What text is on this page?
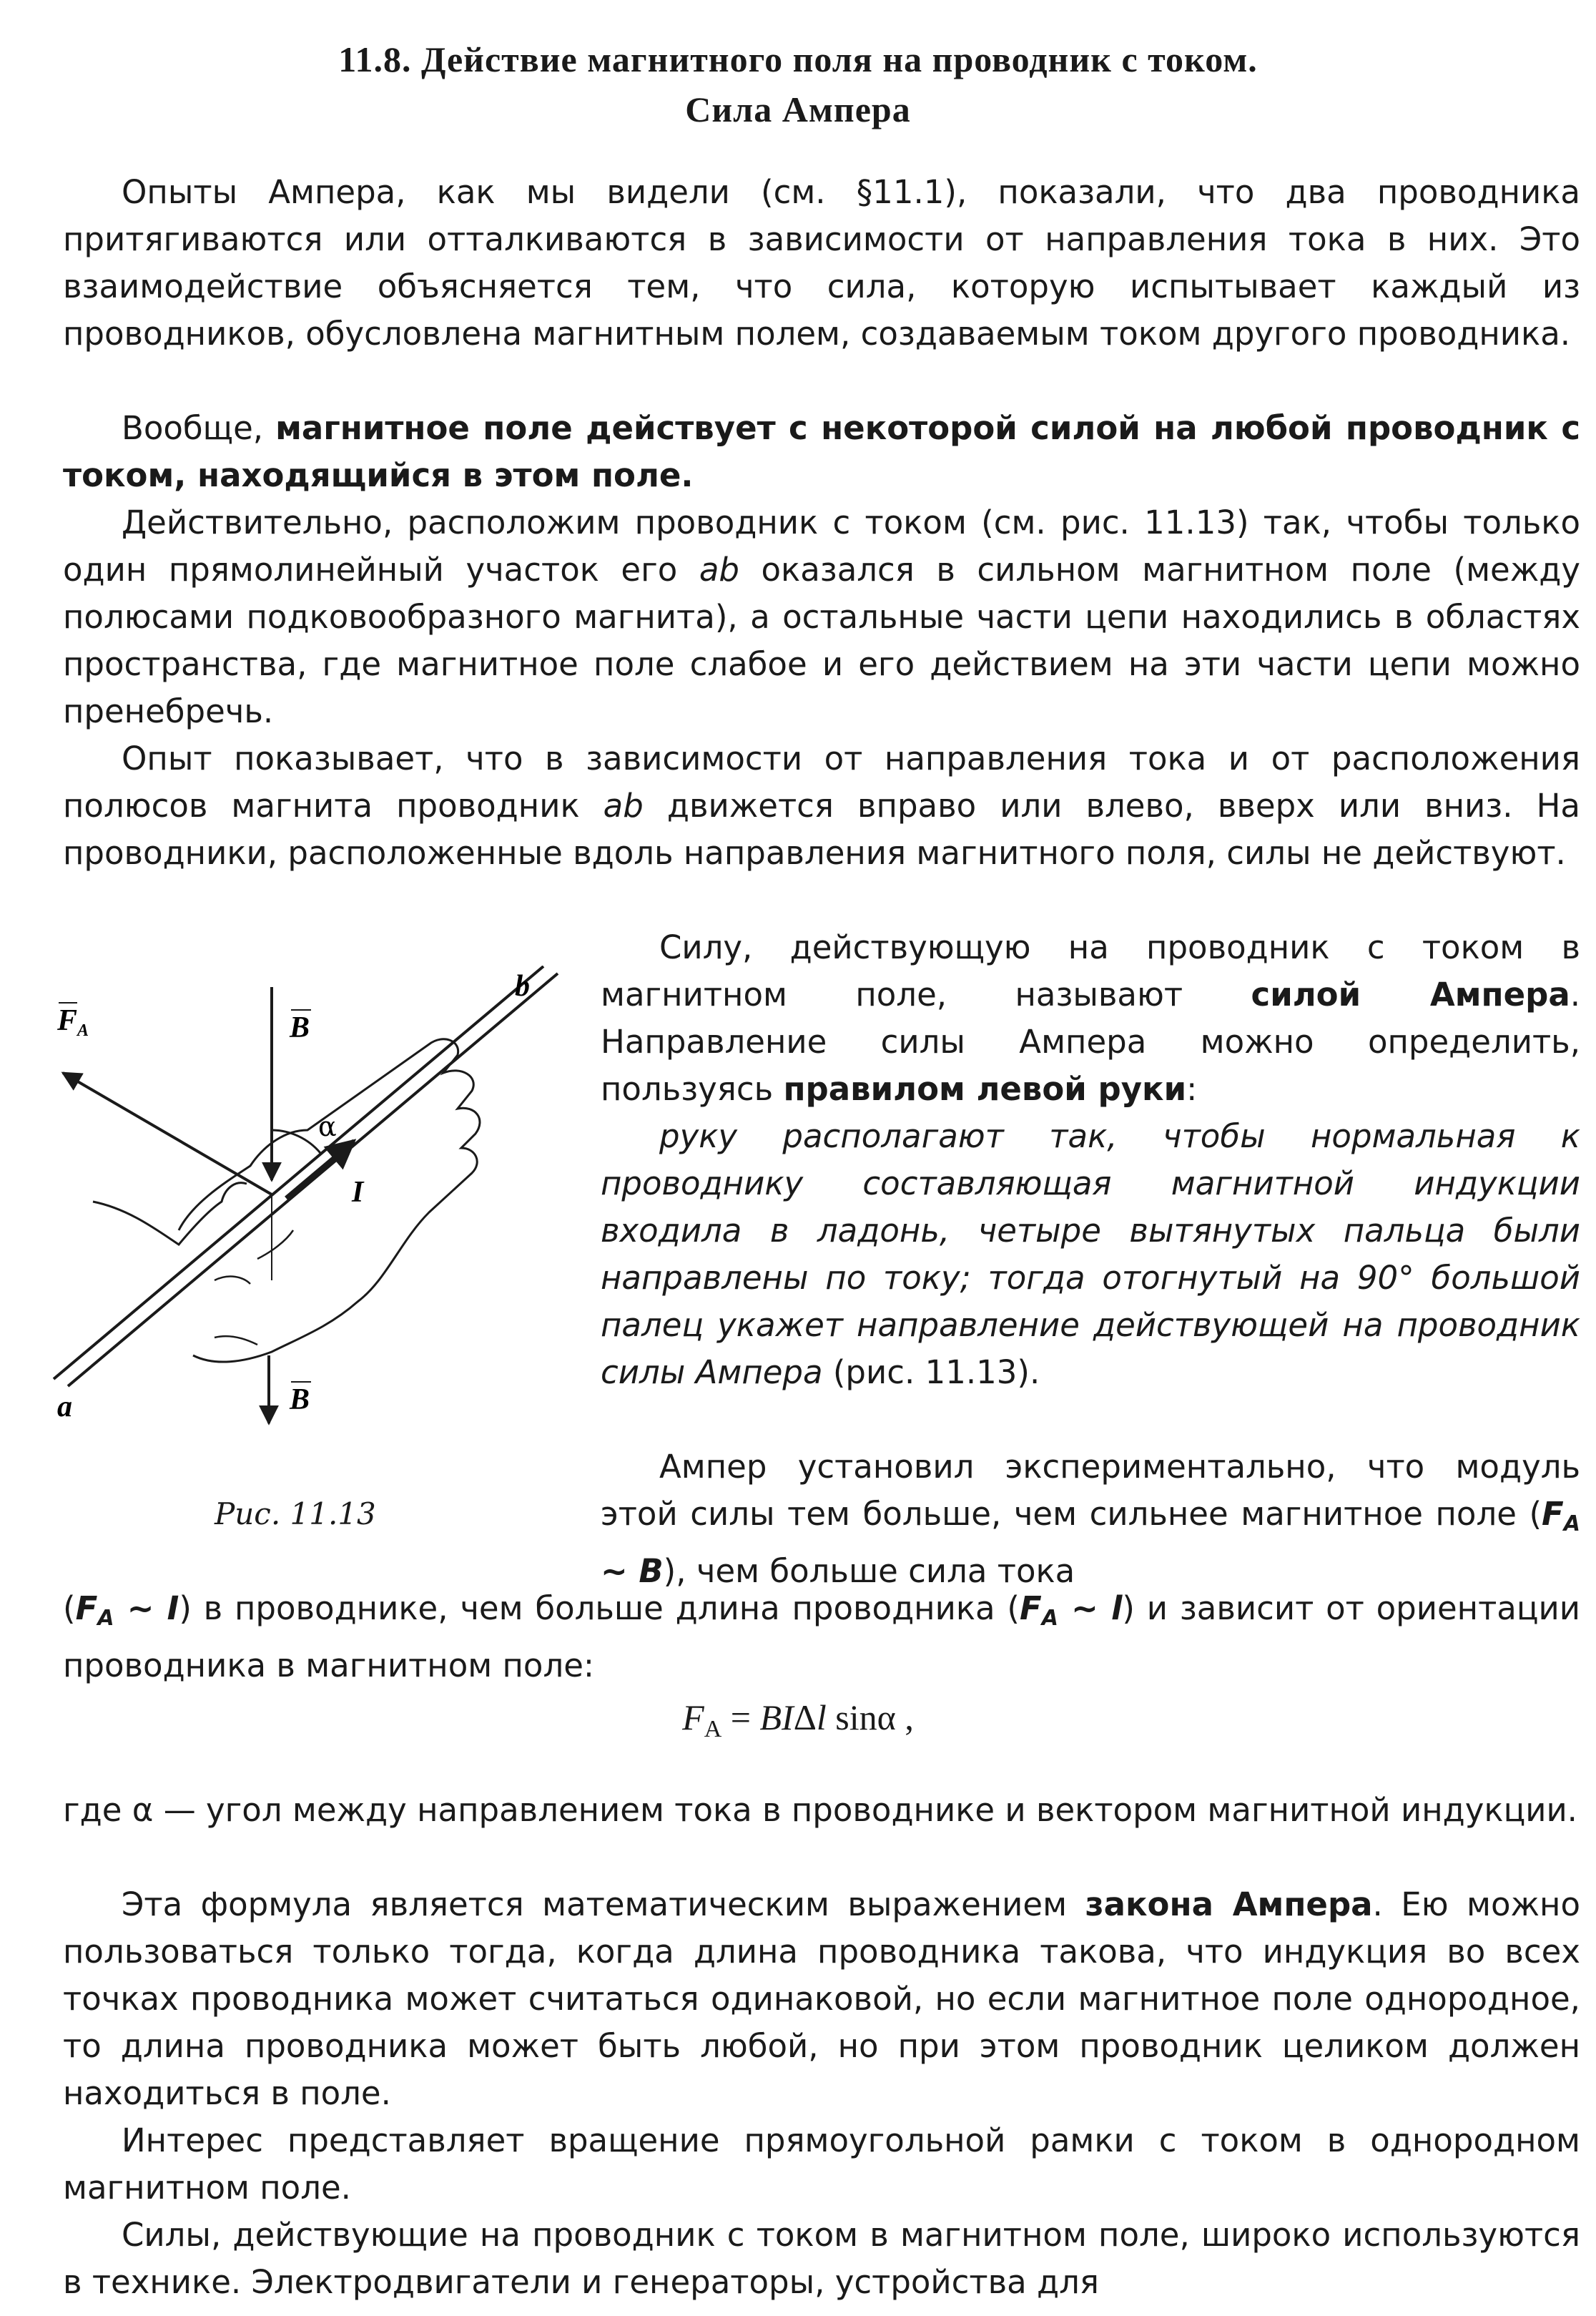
11.8. Действие магнитного поля на проводник с током.
Сила Ампера

Опыты Ампера, как мы видели (см. §11.1), показали, что два проводника притягиваются или отталкиваются в зависимости от направления тока в них. Это взаимодействие объясняется тем, что сила, которую испытывает каждый из проводников, обусловлена магнитным полем, создаваемым током другого проводника.

Вообще, магнитное поле действует с некоторой силой на любой проводник с током, находящийся в этом поле.

Действительно, расположим проводник с током (см. рис. 11.13) так, чтобы только один прямолинейный участок его ab оказался в сильном магнитном поле (между полюсами подковообразного магнита), а остальные части цепи находились в областях пространства, где магнитное поле слабое и его действием на эти части цепи можно пренебречь.

Опыт показывает, что в зависимости от направления тока и от расположения полюсов магнита проводник ab движется вправо или влево, вверх или вниз. На проводники, расположенные вдоль направления магнитного поля, силы не действуют.

b
a
B
B
FA
α
I

Рис. 11.13

Силу, действующую на проводник с током в магнитном поле, называют силой Ампера. Направление силы Ампера можно определить, пользуясь правилом левой руки:

руку располагают так, чтобы нормальная к проводнику составляющая магнитной индукции входила в ладонь, четыре вытянутых пальца были направлены по току; тогда отогнутый на 90° большой палец укажет направление действующей на проводник силы Ампера (рис. 11.13).

Ампер установил экспериментально, что модуль этой силы тем больше, чем сильнее магнитное поле (FA ~ B), чем больше сила тока

(FA ~ I) в проводнике, чем больше длина проводника (FA ~ l) и зависит от ориентации проводника в магнитном поле:

$F_A = BI\Delta l$ sinα ,

где α — угол между направлением тока в проводнике и вектором магнитной индукции.

Эта формула является математическим выражением закона Ампера. Ею можно пользоваться только тогда, когда длина проводника такова, что индукция во всех точках проводника может считаться одинаковой, но если магнитное поле однородное, то длина проводника может быть любой, но при этом проводник целиком должен находиться в поле.

Интерес представляет вращение прямоугольной рамки с током в однородном магнитном поле.

Силы, действующие на проводник с током в магнитном поле, широко используются в технике. Электродвигатели и генераторы, устройства для
